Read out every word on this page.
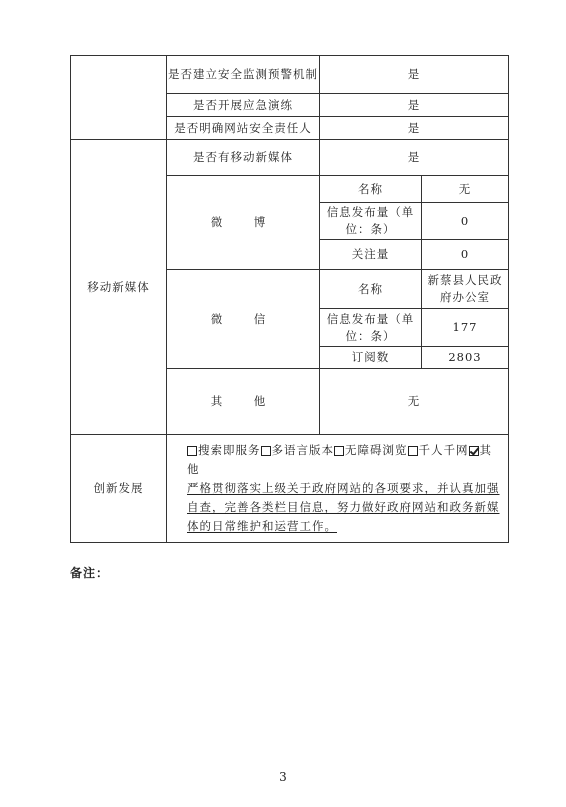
	是否建立安全监测预警机制	是	
	是否开展应急演练	是	
	是否明确网站安全责任人	是	
移动新媒体	是否有移动新媒体	是	
	微　博	名称	无
		信息发布量（单位：条）	0
		关注量	0
	微　信	名称	新蔡县人民政府办公室
		信息发布量（单位：条）	177
		订阅数	2803
	其　他	无	
创新发展	搜索即服务 多语言版本 无障碍浏览 千人千网 其他
严格贯彻落实上级关于政府网站的各项要求，并认真加强自查，完善各类栏目信息，努力做好政府网站和政务新媒体的日常维护和运营工作。		
备注：
3
